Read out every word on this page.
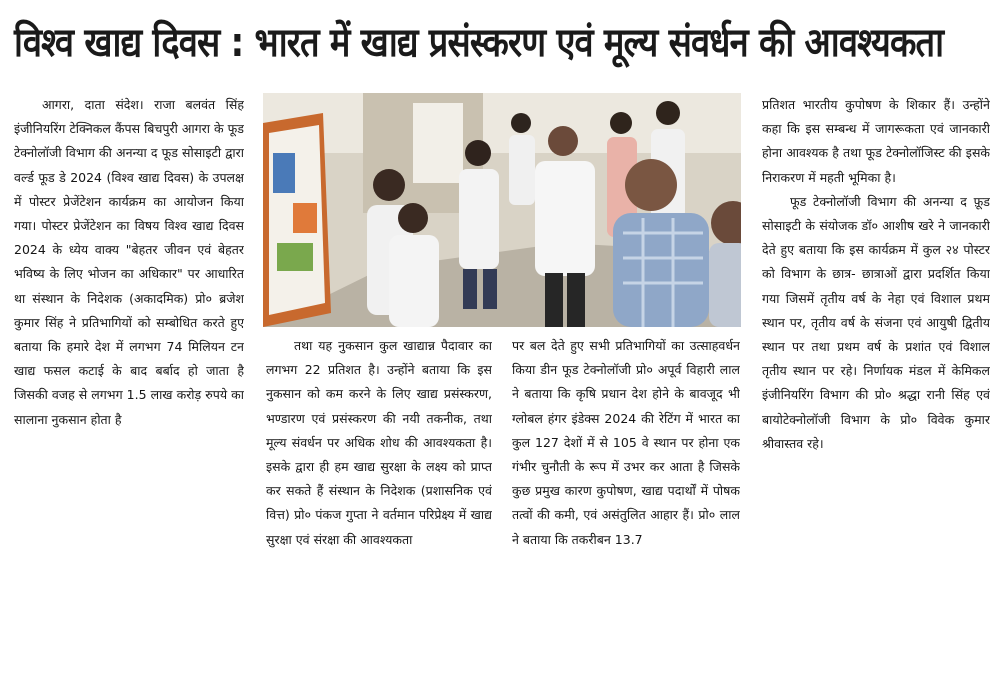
विश्व खाद्य दिवस : भारत में खाद्य प्रसंस्करण एवं मूल्य संवर्धन की आवश्यकता

आगरा, दाता संदेश। राजा बलवंत सिंह इंजीनियरिंग टेक्निकल कैंपस बिचपुरी आगरा के फूड टेक्नोलॉजी विभाग की अनन्या द फूड सोसाइटी द्वारा वर्ल्ड फूड डे 2024 (विश्व खाद्य दिवस) के उपलक्ष में पोस्टर प्रेजेंटेशन कार्यक्रम का आयोजन किया गया। पोस्टर प्रेजेंटेशन का विषय विश्व खाद्य दिवस 2024 के ध्येय वाक्य "बेहतर जीवन एवं बेहतर भविष्य के लिए भोजन का अधिकार" पर आधारित था संस्थान के निदेशक (अकादमिक) प्रो० ब्रजेश कुमार सिंह ने प्रतिभागियों को सम्बोधित करते हुए बताया कि हमारे देश में लगभग 74 मिलियन टन खाद्य फसल कटाई के बाद बर्बाद हो जाता है जिसकी वजह से लगभग 1.5 लाख करोड़ रुपये का सालाना नुकसान होता है

तथा यह नुकसान कुल खाद्यान्न पैदावार का लगभग 22 प्रतिशत है। उन्होंने बताया कि इस नुकसान को कम करने के लिए खाद्य प्रसंस्करण, भण्डारण एवं प्रसंस्करण की नयी तकनीक, तथा मूल्य संवर्धन पर अधिक शोध की आवश्यकता है। इसके द्वारा ही हम खाद्य सुरक्षा के लक्ष्य को प्राप्त कर सकते हैं संस्थान के निदेशक (प्रशासनिक एवं वित्त) प्रो० पंकज गुप्ता ने वर्तमान परिप्रेक्ष्य में खाद्य सुरक्षा एवं संरक्षा की आवश्यकता

पर बल देते हुए सभी प्रतिभागियों का उत्साहवर्धन किया डीन फूड टेक्नोलॉजी प्रो० अपूर्व विहारी लाल ने बताया कि कृषि प्रधान देश होने के बावजूद भी ग्लोबल हंगर इंडेक्स 2024 की रेटिंग में भारत का कुल 127 देशों में से 105 वे स्थान पर होना एक गंभीर चुनौती के रूप में उभर कर आता है जिसके कुछ प्रमुख कारण कुपोषण, खाद्य पदार्थों में पोषक तत्वों की कमी, एवं असंतुलित आहार हैं। प्रो० लाल ने बताया कि तकरीबन 13.7

प्रतिशत भारतीय कुपोषण के शिकार हैं। उन्होंने कहा कि इस सम्बन्ध में जागरूकता एवं जानकारी होना आवश्यक है तथा फूड टेक्नोलॉजिस्ट की इसके निराकरण में महती भूमिका है।

फूड टेक्नोलॉजी विभाग की अनन्या द फ़ूड सोसाइटी के संयोजक डॉ० आशीष खरे ने जानकारी देते हुए बताया कि इस कार्यक्रम में कुल २४ पोस्टर को विभाग के छात्र- छात्राओं द्वारा प्रदर्शित किया गया जिसमें तृतीय वर्ष के नेहा एवं विशाल प्रथम स्थान पर, तृतीय वर्ष के संजना एवं आयुषी द्वितीय स्थान पर तथा प्रथम वर्ष के प्रशांत एवं विशाल तृतीय स्थान पर रहे। निर्णायक मंडल में केमिकल इंजीनियरिंग विभाग की प्रो० श्रद्धा रानी सिंह एवं बायोटेक्नोलॉजी विभाग के प्रो० विवेक कुमार श्रीवास्तव रहे।
